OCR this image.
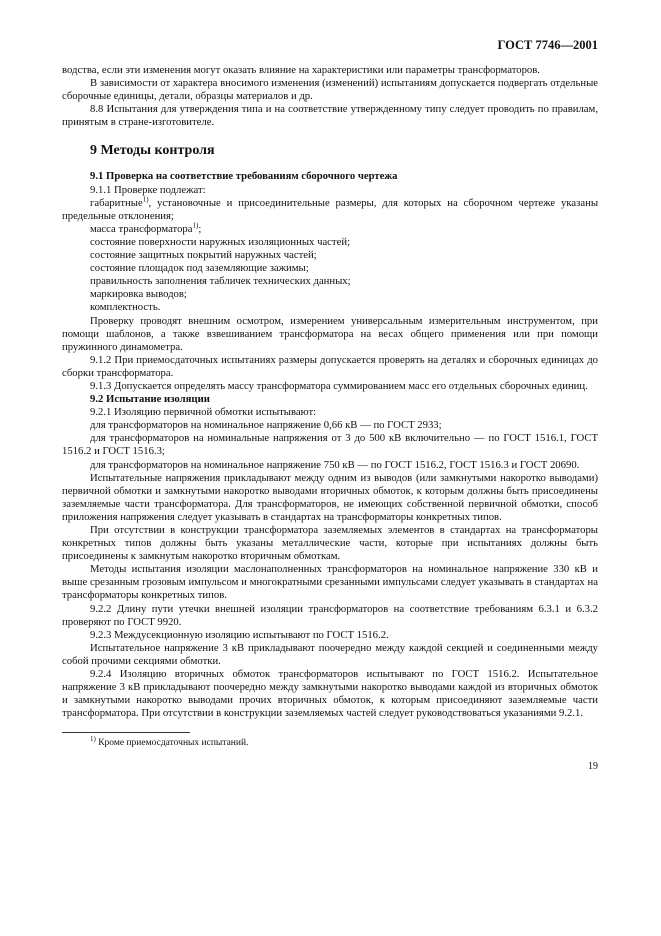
ГОСТ 7746—2001

водства, если эти изменения могут оказать влияние на характеристики или параметры трансформаторов.

В зависимости от характера вносимого изменения (изменений) испытаниям допускается подвергать отдельные сборочные единицы, детали, образцы материалов и др.

8.8 Испытания для утверждения типа и на соответствие утвержденному типу следует проводить по правилам, принятым в стране-изготовителе.

9 Методы контроля

9.1 Проверка на соответствие требованиям сборочного чертежа

9.1.1 Проверке подлежат:

габаритные$^{1)}$, установочные и присоединительные размеры, для которых на сборочном чертеже указаны предельные отклонения;

масса трансформатора$^{1)}$;

состояние поверхности наружных изоляционных частей;

состояние защитных покрытий наружных частей;

состояние площадок под заземляющие зажимы;

правильность заполнения табличек технических данных;

маркировка выводов;

комплектность.

Проверку проводят внешним осмотром, измерением универсальным измерительным инструментом, при помощи шаблонов, а также взвешиванием трансформатора на весах общего применения или при помощи пружинного динамометра.

9.1.2 При приемосдаточных испытаниях размеры допускается проверять на деталях и сборочных единицах до сборки трансформатора.

9.1.3 Допускается определять массу трансформатора суммированием масс его отдельных сборочных единиц.

9.2 Испытание изоляции

9.2.1 Изоляцию первичной обмотки испытывают:

для трансформаторов на номинальное напряжение 0,66 кВ — по ГОСТ 2933;

для трансформаторов на номинальные напряжения от 3 до 500 кВ включительно — по ГОСТ 1516.1, ГОСТ 1516.2 и ГОСТ 1516.3;

для трансформаторов на номинальное напряжение 750 кВ — по ГОСТ 1516.2, ГОСТ 1516.3 и ГОСТ 20690.

Испытательные напряжения прикладывают между одним из выводов (или замкнутыми накоротко выводами) первичной обмотки и замкнутыми накоротко выводами вторичных обмоток, к которым должны быть присоединены заземляемые части трансформатора. Для трансформаторов, не имеющих собственной первичной обмотки, способ приложения напряжения следует указывать в стандартах на трансформаторы конкретных типов.

При отсутствии в конструкции трансформатора заземляемых элементов в стандартах на трансформаторы конкретных типов должны быть указаны металлические части, которые при испытаниях должны быть присоединены к замкнутым накоротко вторичным обмоткам.

Методы испытания изоляции маслонаполненных трансформаторов на номинальное напряжение 330 кВ и выше срезанным грозовым импульсом и многократными срезанными импульсами следует указывать в стандартах на трансформаторы конкретных типов.

9.2.2 Длину пути утечки внешней изоляции трансформаторов на соответствие требованиям 6.3.1 и 6.3.2 проверяют по ГОСТ 9920.

9.2.3 Междусекционную изоляцию испытывают по ГОСТ 1516.2.

Испытательное напряжение 3 кВ прикладывают поочередно между каждой секцией и соединенными между собой прочими секциями обмотки.

9.2.4 Изоляцию вторичных обмоток трансформаторов испытывают по ГОСТ 1516.2. Испытательное напряжение 3 кВ прикладывают поочередно между замкнутыми накоротко выводами каждой из вторичных обмоток и замкнутыми накоротко выводами прочих вторичных обмоток, к которым присоединяют заземляемые части трансформатора. При отсутствии в конструкции заземляемых частей следует руководствоваться указаниями 9.2.1.

$^{1)}$ Кроме приемосдаточных испытаний.

19
